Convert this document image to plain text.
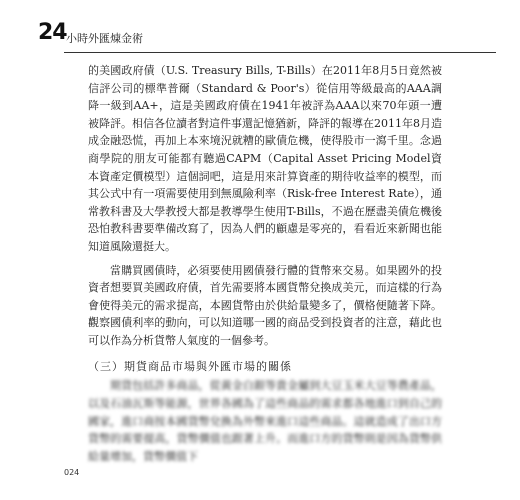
24 小時外匯煉金術

的美國政府債（U.S. Treasury Bills, T-Bills）在2011年8月5日竟然被信評公司的標準普爾（Standard & Poor's）從信用等級最高的AAA調降一級到AA+，這是美國政府債在1941年被評為AAA以來70年頭一遭被降評。相信各位讀者對這件事還記憶猶新，降評的報導在2011年8月造成金融恐慌，再加上本來境況就糟的歐債危機，使得股市一瀉千里。念過商學院的朋友可能都有聽過CAPM（Capital Asset Pricing Model資本資產定價模型）這個詞吧，這是用來計算資產的期待收益率的模型，而其公式中有一項需要使用到無風險利率（Risk-free Interest Rate），通常教科書及大學教授大都是教導學生使用T-Bills，不過在歷盡美債危機後恐怕教科書要準備改寫了，因為人們的顧慮是零亮的，看看近來新聞也能知道風險還挺大。

當購買國債時，必須要使用國債發行體的貨幣來交易。如果國外的投資者想要買美國政府債，首先需要將本國貨幣兌換成美元，而這樣的行為會使得美元的需求提高，本國貨幣由於供給量變多了，價格便隨著下降。觀察國債利率的動向，可以知道哪一國的商品受到投資者的注意，藉此也可以作為分析貨幣人氣度的一個參考。

（三）期貨商品市場與外匯市場的關係

期貨包括許多商品，從黃金白銀等貴金屬到大豆玉米大豆等農產品，以及石油瓦斯等能源，世界各國為了這些商品的需求都各地進口到自己的國家，進口商按本國貨幣兌換為外幣來進口這些商品。這就造成了出口方貨幣的需要提高，貨幣價值也跟著上升。而進口方的貨幣則是因為貨幣供給量增加，貨幣價值下

024
